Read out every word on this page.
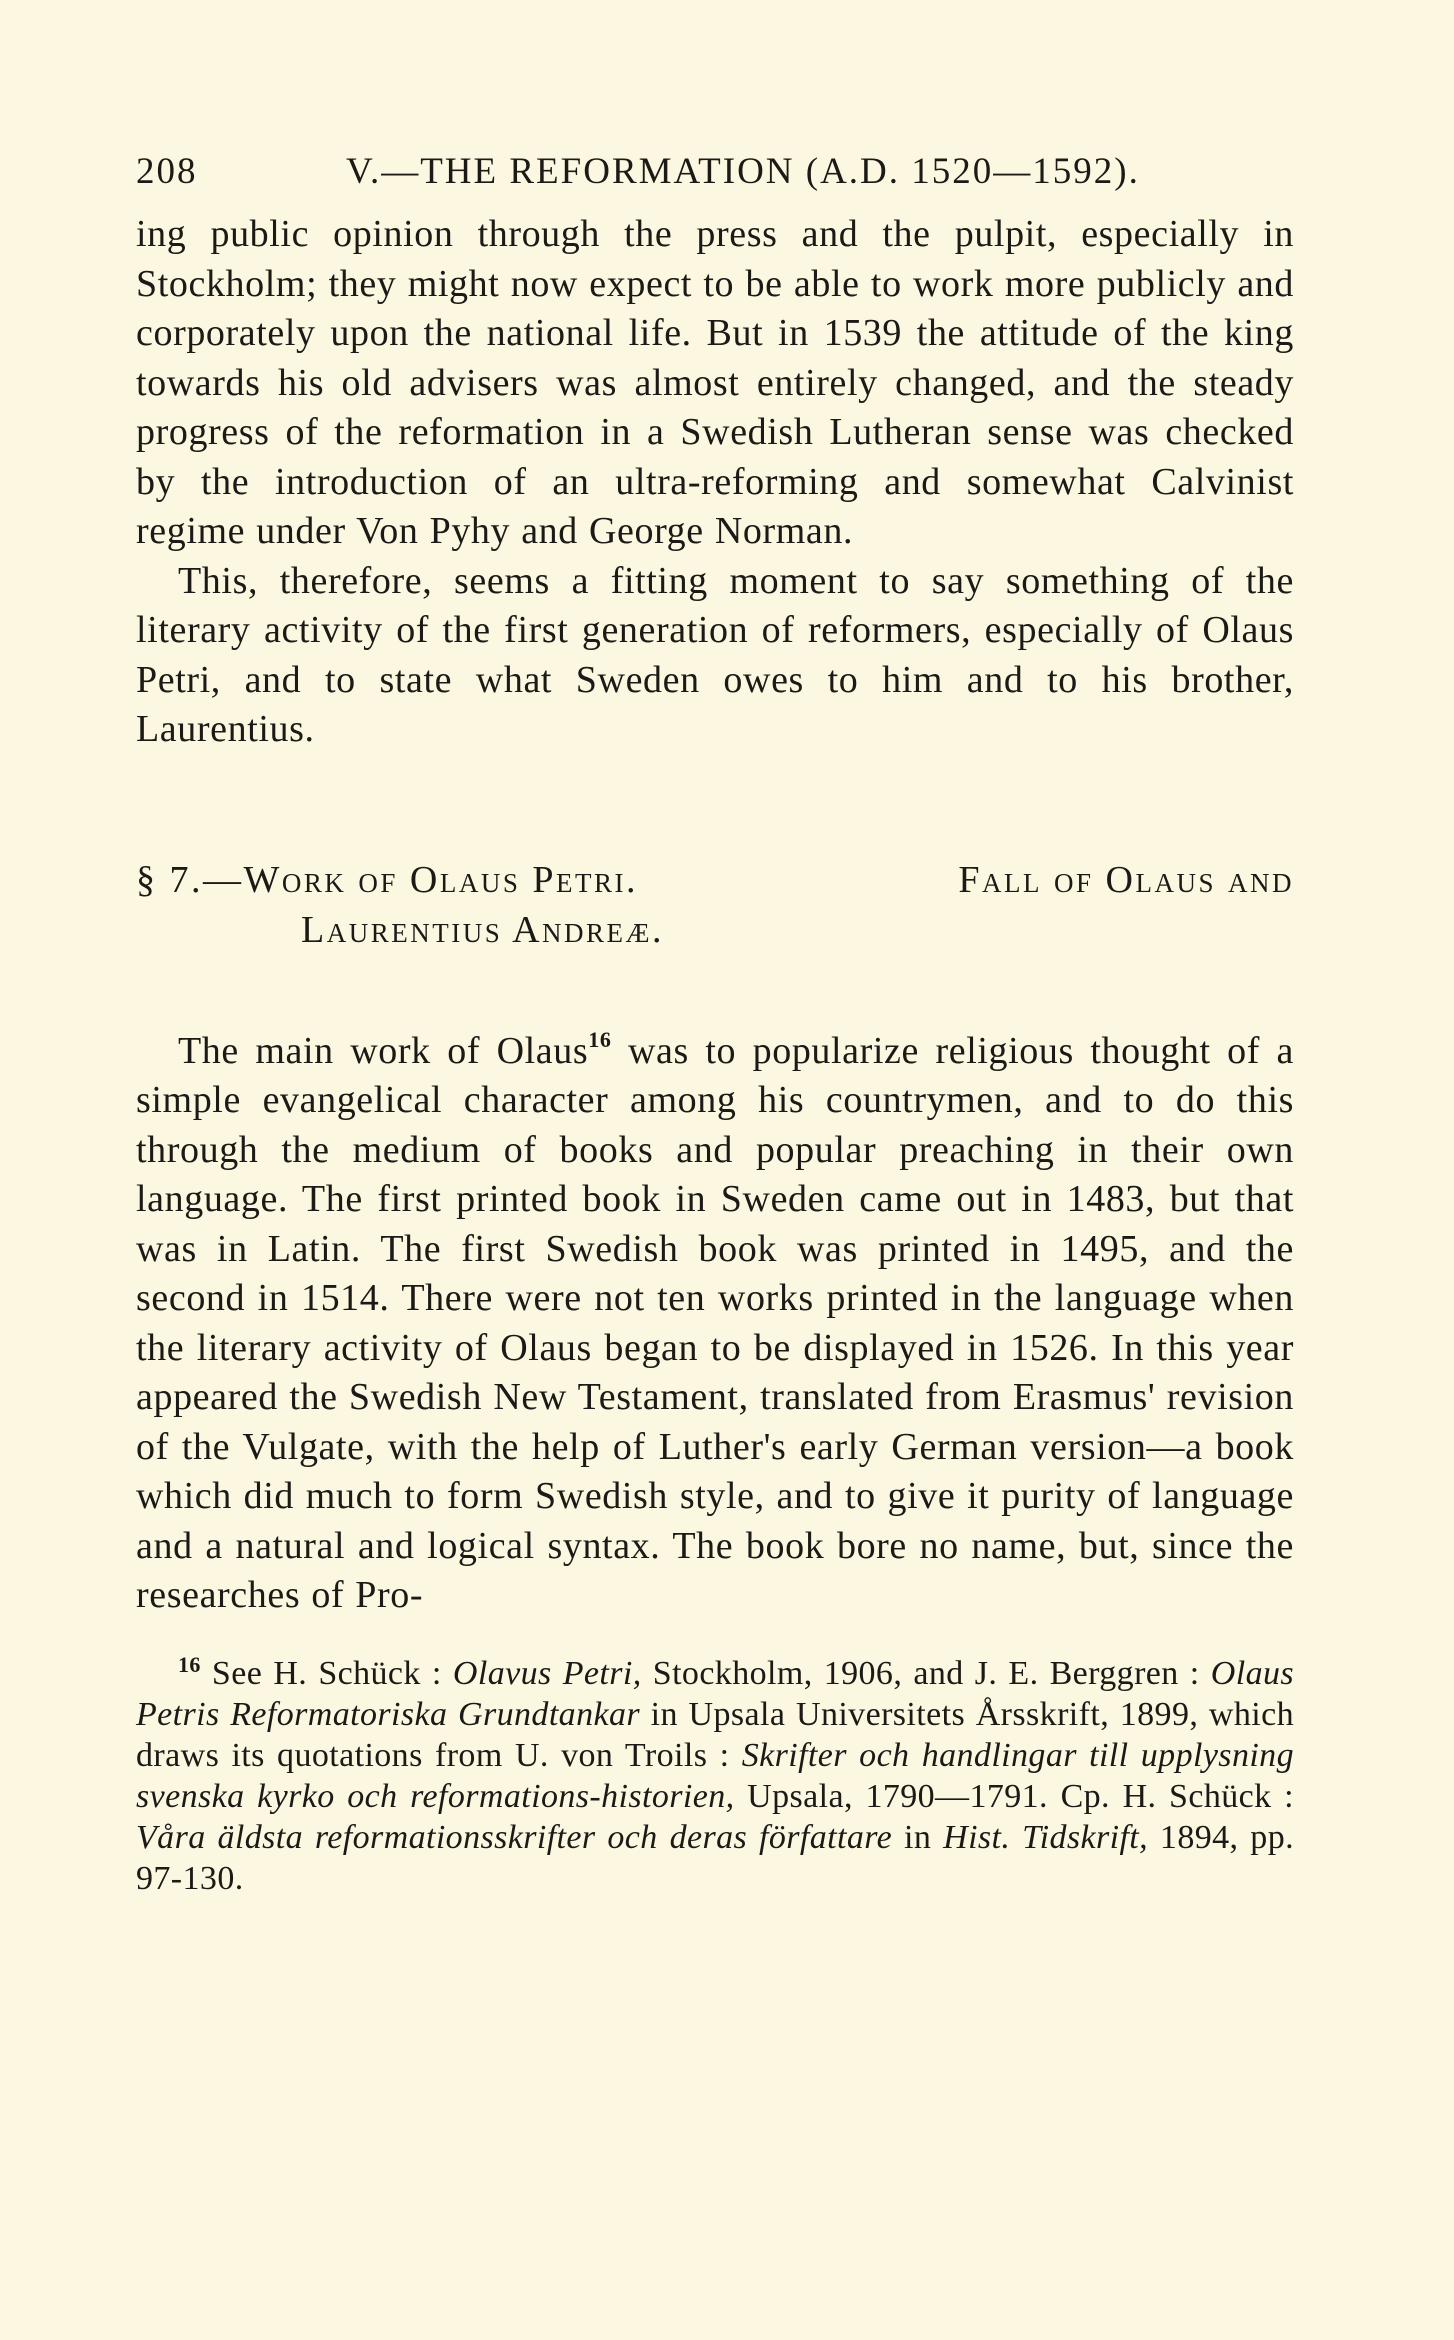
208	V.—THE REFORMATION (A.D. 1520—1592).

ing public opinion through the press and the pulpit, especially in Stockholm; they might now expect to be able to work more publicly and corporately upon the national life. But in 1539 the attitude of the king towards his old advisers was almost entirely changed, and the steady progress of the reformation in a Swedish Lutheran sense was checked by the introduction of an ultra-reforming and somewhat Calvinist regime under Von Pyhy and George Norman.

This, therefore, seems a fitting moment to say something of the literary activity of the first generation of reformers, especially of Olaus Petri, and to state what Sweden owes to him and to his brother, Laurentius.

§ 7.—Work of Olaus Petri.	Fall of Olaus and
Laurentius Andreæ.

The main work of Olaus$^{16}$ was to popularize religious thought of a simple evangelical character among his countrymen, and to do this through the medium of books and popular preaching in their own language. The first printed book in Sweden came out in 1483, but that was in Latin. The first Swedish book was printed in 1495, and the second in 1514. There were not ten works printed in the language when the literary activity of Olaus began to be displayed in 1526. In this year appeared the Swedish New Testament, translated from Erasmus' revision of the Vulgate, with the help of Luther's early German version—a book which did much to form Swedish style, and to give it purity of language and a natural and logical syntax. The book bore no name, but, since the researches of Pro-

$^{16}$ See H. Schück : Olavus Petri, Stockholm, 1906, and J. E. Berggren : Olaus Petris Reformatoriska Grundtankar in Upsala Universitets Årsskrift, 1899, which draws its quotations from U. von Troils : Skrifter och handlingar till upplysning svenska kyrko och reformations-historien, Upsala, 1790—1791. Cp. H. Schück : Våra äldsta reformationsskrifter och deras författare in Hist. Tidskrift, 1894, pp. 97-130.
